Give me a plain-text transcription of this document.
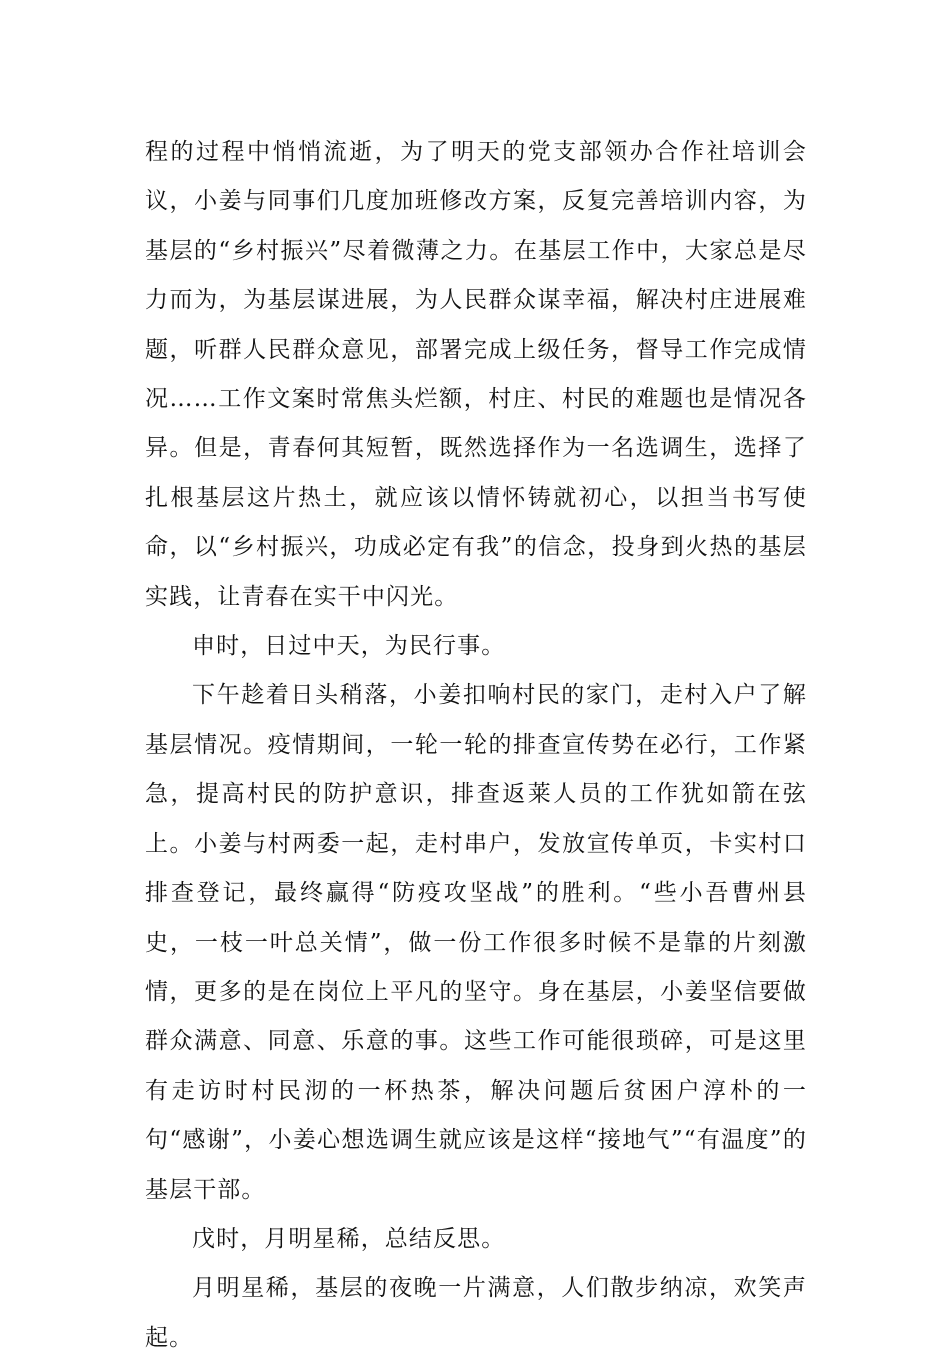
程的过程中悄悄流逝，为了明天的党支部领办合作社培训会议，小姜与同事们几度加班修改方案，反复完善培训内容，为基层的“乡村振兴”尽着微薄之力。在基层工作中，大家总是尽力而为，为基层谋进展，为人民群众谋幸福，解决村庄进展难题，听群人民群众意见，部署完成上级任务，督导工作完成情况……工作文案时常焦头烂额，村庄、村民的难题也是情况各异。但是，青春何其短暂，既然选择作为一名选调生，选择了扎根基层这片热土，就应该以情怀铸就初心，以担当书写使命，以“乡村振兴，功成必定有我”的信念，投身到火热的基层实践，让青春在实干中闪光。

申时，日过中天，为民行事。

下午趁着日头稍落，小姜扣响村民的家门，走村入户了解基层情况。疫情期间，一轮一轮的排查宣传势在必行，工作紧急，提高村民的防护意识，排查返莱人员的工作犹如箭在弦上。小姜与村两委一起，走村串户，发放宣传单页，卡实村口排查登记，最终赢得“防疫攻坚战”的胜利。“些小吾曹州县史，一枝一叶总关情”，做一份工作很多时候不是靠的片刻激情，更多的是在岗位上平凡的坚守。身在基层，小姜坚信要做群众满意、同意、乐意的事。这些工作可能很琐碎，可是这里有走访时村民沏的一杯热茶，解决问题后贫困户淳朴的一句“感谢”，小姜心想选调生就应该是这样“接地气”“有温度”的基层干部。

戊时，月明星稀，总结反思。

月明星稀，基层的夜晚一片满意，人们散步纳凉，欢笑声起。
